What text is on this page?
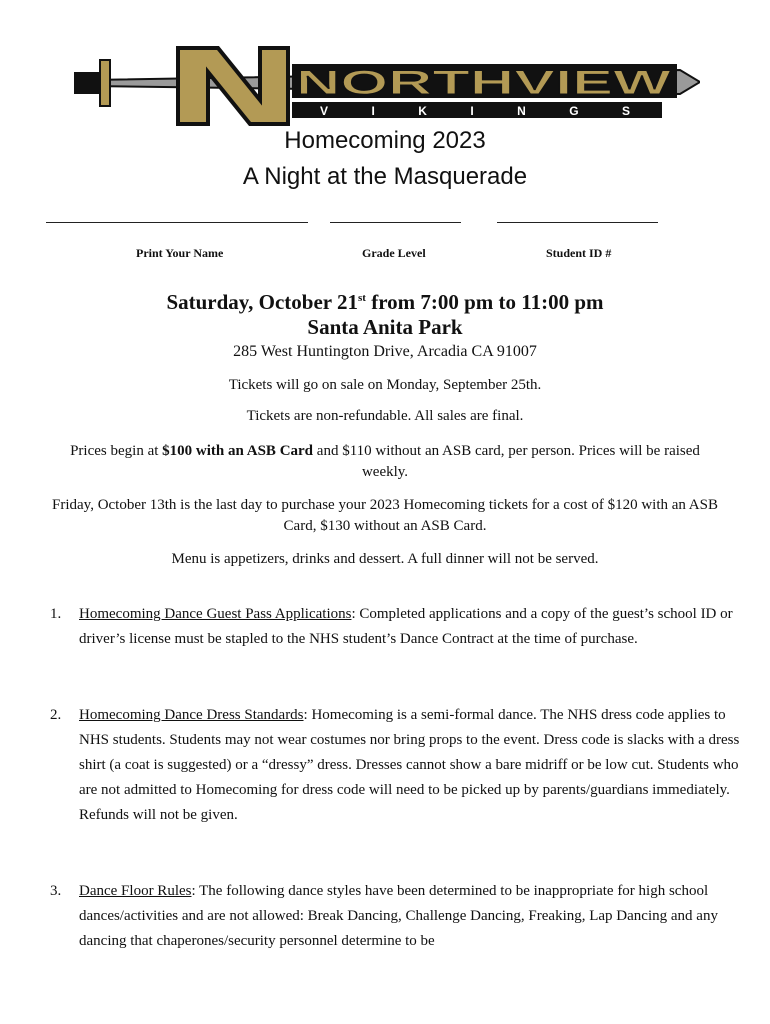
NORTHVIEW
V I K I N G S
Homecoming 2023
A Night at the Masquerade
Print Your Name	Grade Level	Student ID #
Saturday, October 21st from 7:00 pm to 11:00 pm
Santa Anita Park
285 West Huntington Drive, Arcadia CA 91007
Tickets will go on sale on Monday, September 25th.
Tickets are non-refundable. All sales are final.
Prices begin at $100 with an ASB Card and $110 without an ASB card, per person. Prices will be raised weekly.
Friday, October 13th is the last day to purchase your 2023 Homecoming tickets for a cost of $120 with an ASB Card, $130 without an ASB Card.
Menu is appetizers, drinks and dessert. A full dinner will not be served.
1. Homecoming Dance Guest Pass Applications: Completed applications and a copy of the guest’s school ID or driver’s license must be stapled to the NHS student’s Dance Contract at the time of purchase.
2. Homecoming Dance Dress Standards: Homecoming is a semi-formal dance. The NHS dress code applies to NHS students. Students may not wear costumes nor bring props to the event. Dress code is slacks with a dress shirt (a coat is suggested) or a “dressy” dress. Dresses cannot show a bare midriff or be low cut. Students who are not admitted to Homecoming for dress code will need to be picked up by parents/guardians immediately. Refunds will not be given.
3. Dance Floor Rules: The following dance styles have been determined to be inappropriate for high school dances/activities and are not allowed: Break Dancing, Challenge Dancing, Freaking, Lap Dancing and any dancing that chaperones/security personnel determine to be
